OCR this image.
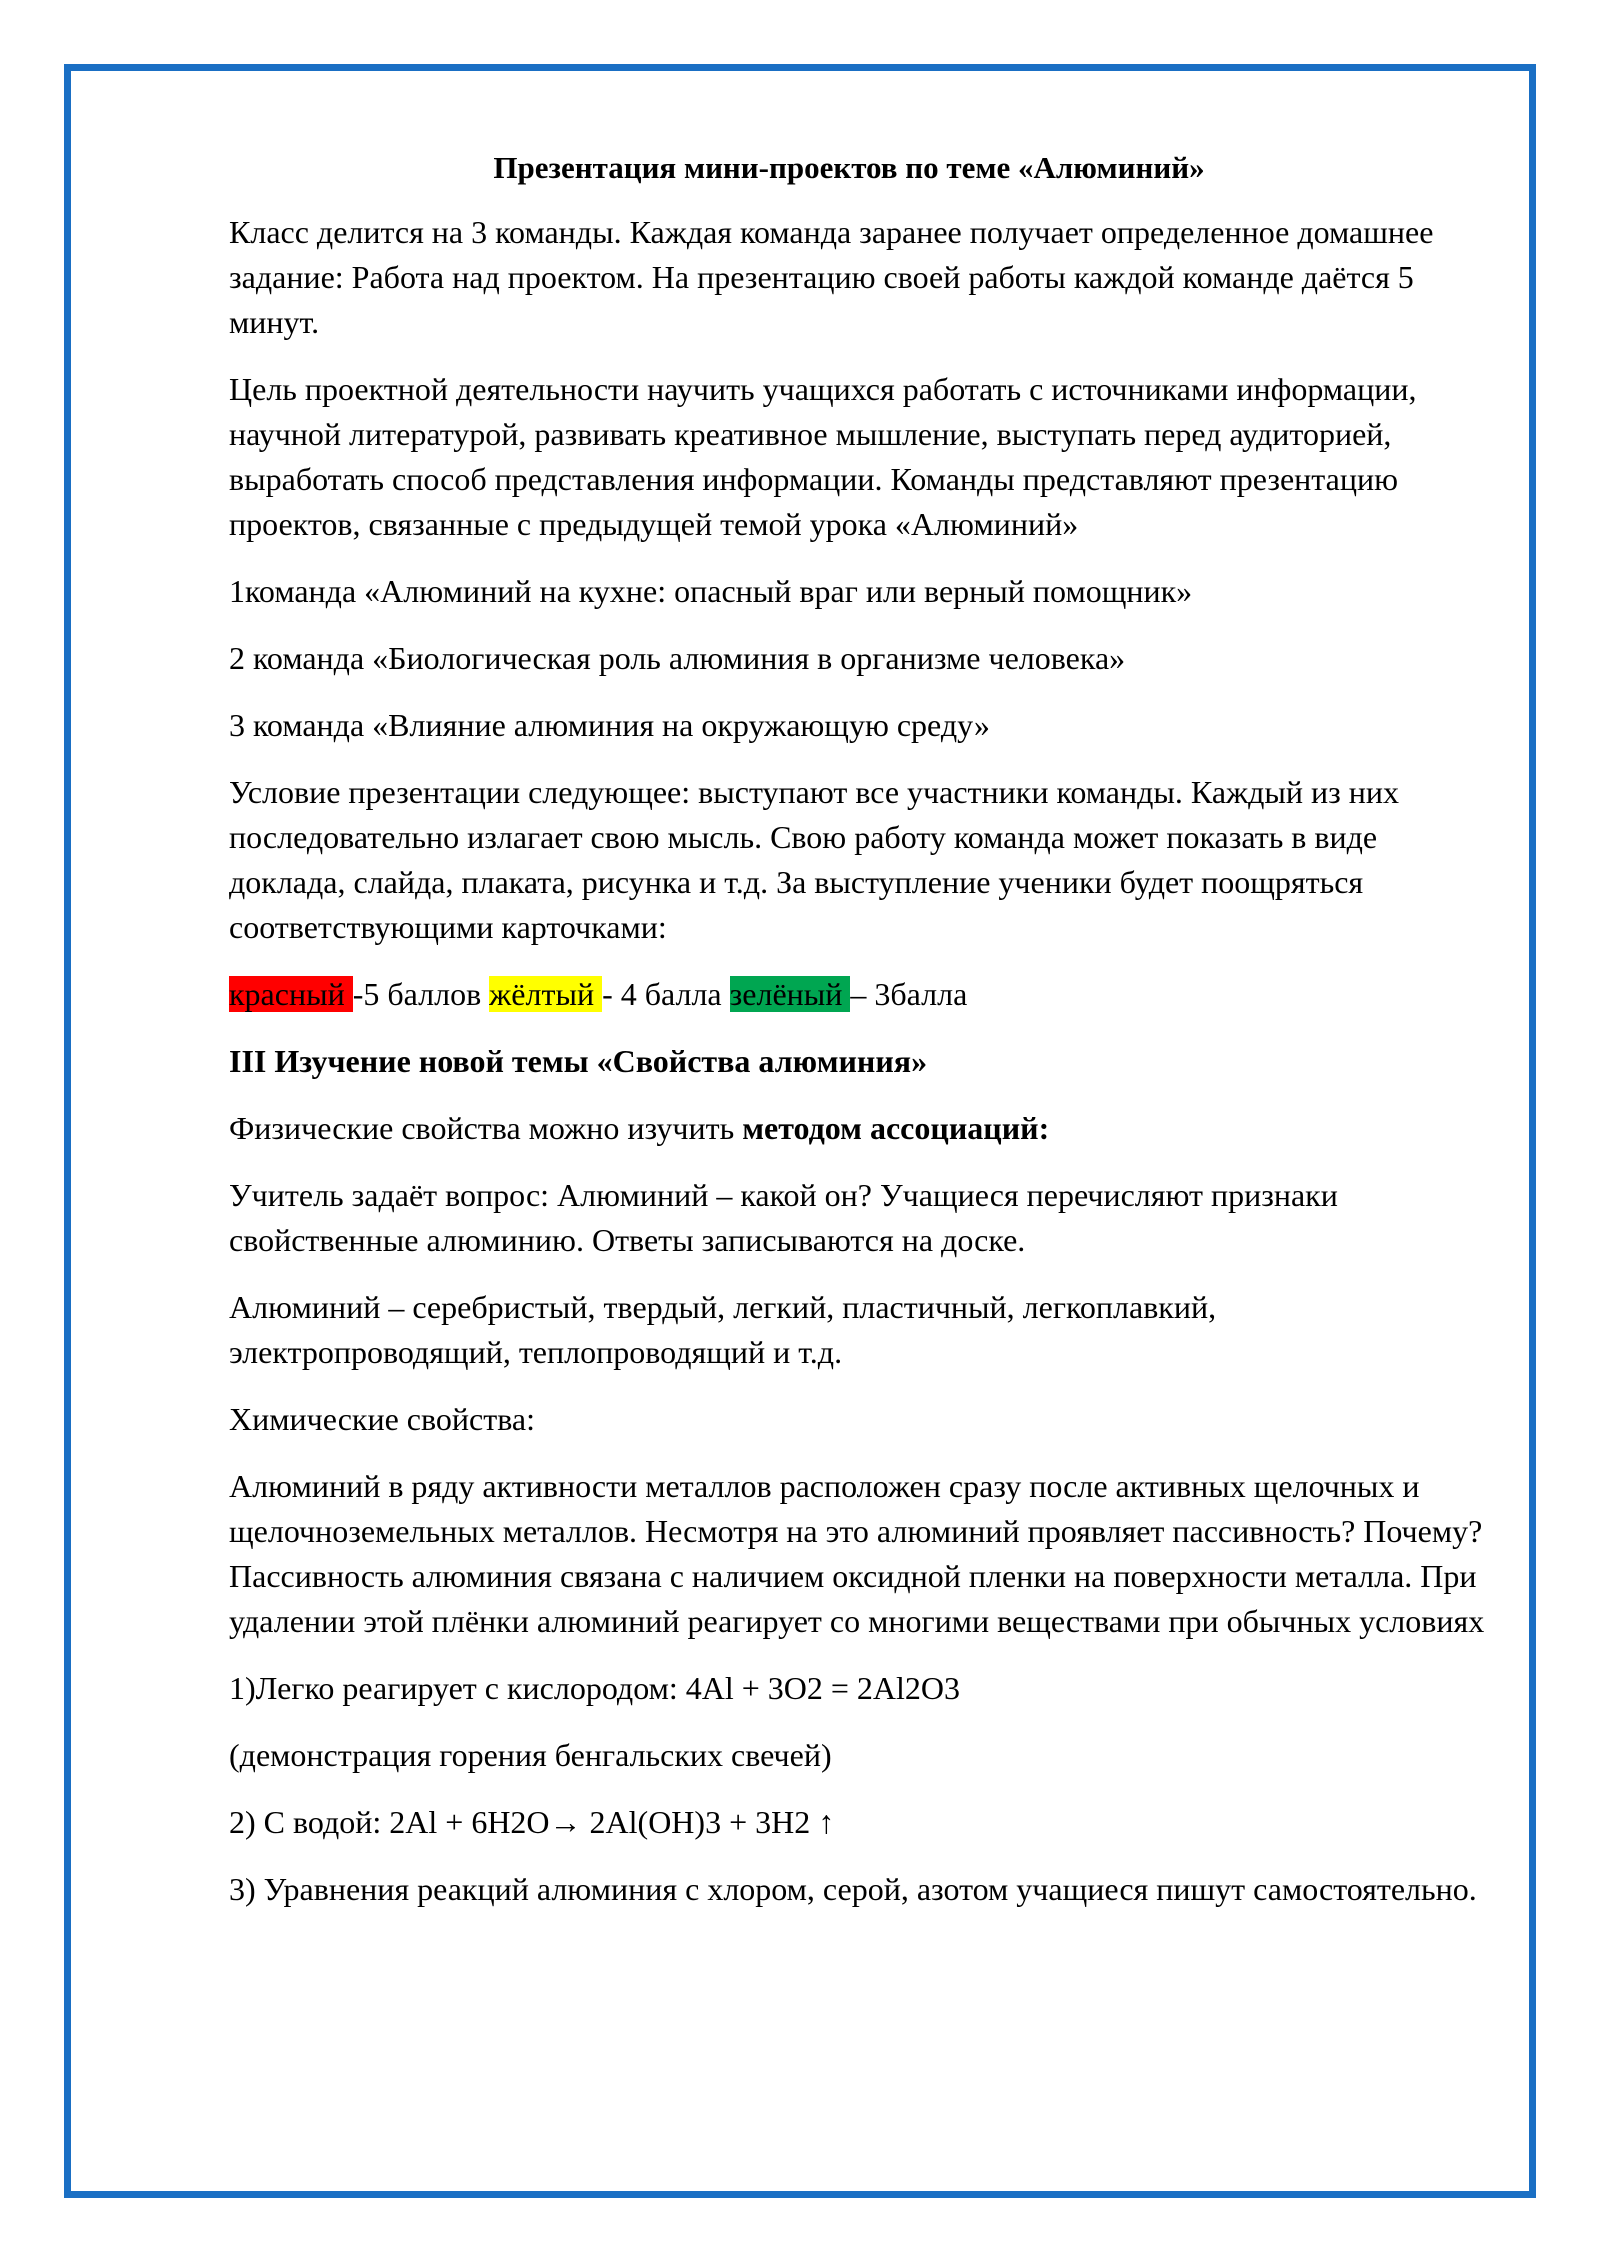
Презентация мини-проектов по теме «Алюминий»

Класс делится на 3 команды. Каждая команда заранее получает определенное домашнее задание: Работа над проектом. На презентацию своей работы каждой команде даётся 5 минут.

Цель проектной деятельности научить учащихся работать с источниками информации, научной литературой, развивать креативное мышление, выступать перед аудиторией, выработать способ представления информации. Команды представляют презентацию проектов, связанные с предыдущей темой урока «Алюминий»

1команда «Алюминий на кухне: опасный враг или верный помощник»

2 команда «Биологическая роль алюминия в организме человека»

3 команда «Влияние алюминия на окружающую среду»

Условие презентации следующее: выступают все участники команды. Каждый из них последовательно излагает свою мысль. Свою работу команда может показать в виде доклада, слайда, плаката, рисунка и т.д. За выступление ученики будет поощряться соответствующими карточками:

красный -5 баллов жёлтый - 4 балла зелёный – 3балла

III Изучение новой темы «Свойства алюминия»

Физические свойства можно изучить методом ассоциаций:

Учитель задаёт вопрос: Алюминий – какой он? Учащиеся перечисляют признаки свойственные алюминию. Ответы записываются на доске.

Алюминий – серебристый, твердый, легкий, пластичный, легкоплавкий, электропроводящий, теплопроводящий и т.д.

Химические свойства:

Алюминий в ряду активности металлов расположен сразу после активных щелочных и щелочноземельных металлов. Несмотря на это алюминий проявляет пассивность? Почему? Пассивность алюминия связана с наличием оксидной пленки на поверхности металла. При удалении этой плёнки алюминий реагирует со многими веществами при обычных условиях

1)Легко реагирует с кислородом: 4Al + 3O2 = 2Al2O3

(демонстрация горения бенгальских свечей)

2) С водой: 2Al + 6H2O→ 2Al(OH)3 + 3H2 ↑

3) Уравнения реакций алюминия с хлором, серой, азотом учащиеся пишут самостоятельно.
